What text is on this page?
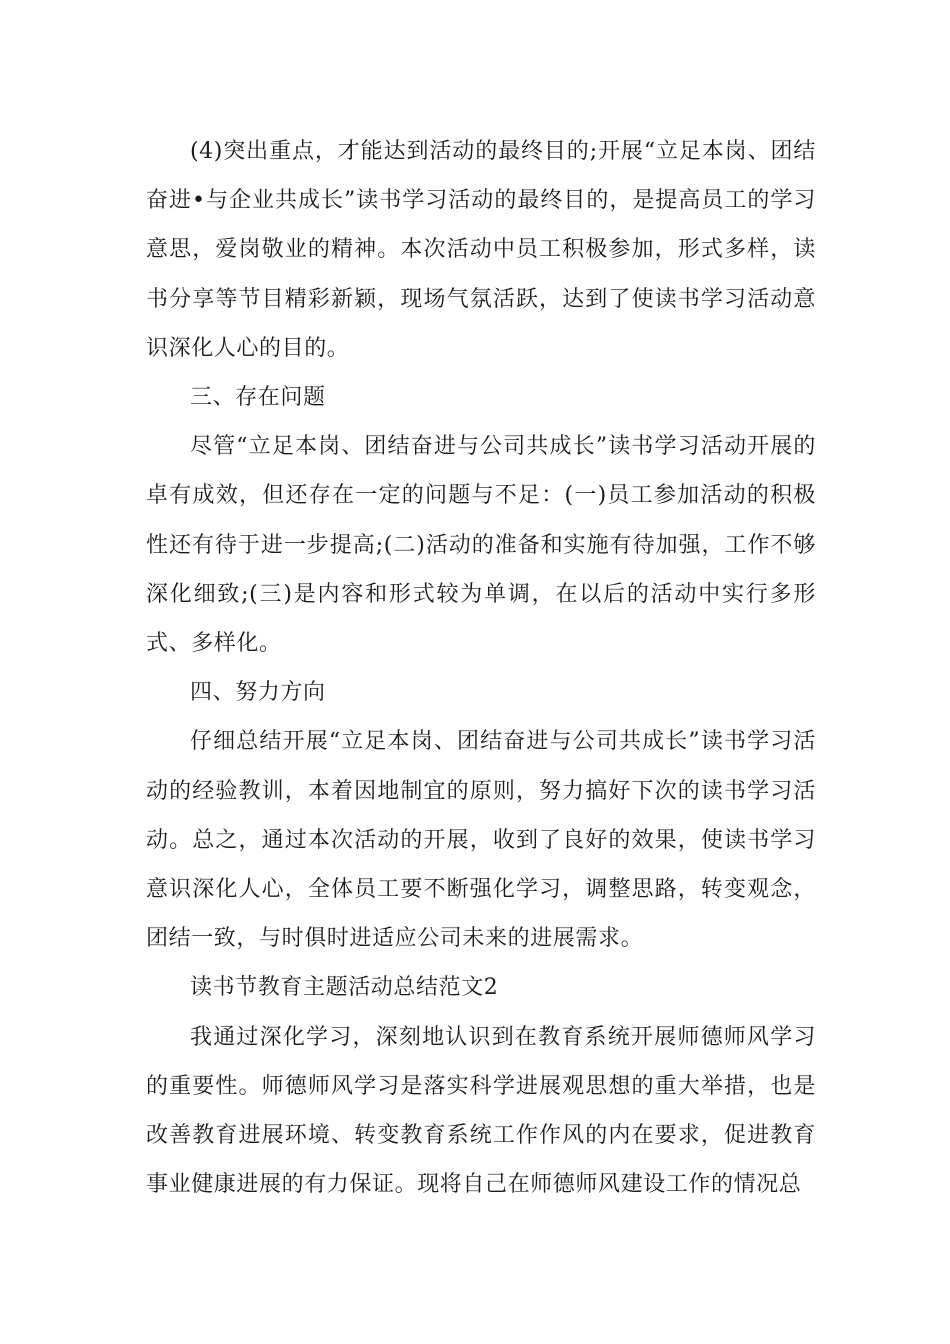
(4)突出重点，才能达到活动的最终目的;开展“立足本岗、团结奋进•与企业共成长”读书学习活动的最终目的，是提高员工的学习意思，爱岗敬业的精神。本次活动中员工积极参加，形式多样，读书分享等节目精彩新颖，现场气氛活跃，达到了使读书学习活动意识深化人心的目的。

三、存在问题

尽管“立足本岗、团结奋进与公司共成长”读书学习活动开展的卓有成效，但还存在一定的问题与不足：(一)员工参加活动的积极性还有待于进一步提高;(二)活动的准备和实施有待加强，工作不够深化细致;(三)是内容和形式较为单调，在以后的活动中实行多形式、多样化。

四、努力方向

仔细总结开展“立足本岗、团结奋进与公司共成长”读书学习活动的经验教训，本着因地制宜的原则，努力搞好下次的读书学习活动。总之，通过本次活动的开展，收到了良好的效果，使读书学习意识深化人心，全体员工要不断强化学习，调整思路，转变观念，团结一致，与时俱时进适应公司未来的进展需求。

读书节教育主题活动总结范文2

我通过深化学习，深刻地认识到在教育系统开展师德师风学习的重要性。师德师风学习是落实科学进展观思想的重大举措，也是改善教育进展环境、转变教育系统工作作风的内在要求，促进教育事业健康进展的有力保证。现将自己在师德师风建设工作的情况总
